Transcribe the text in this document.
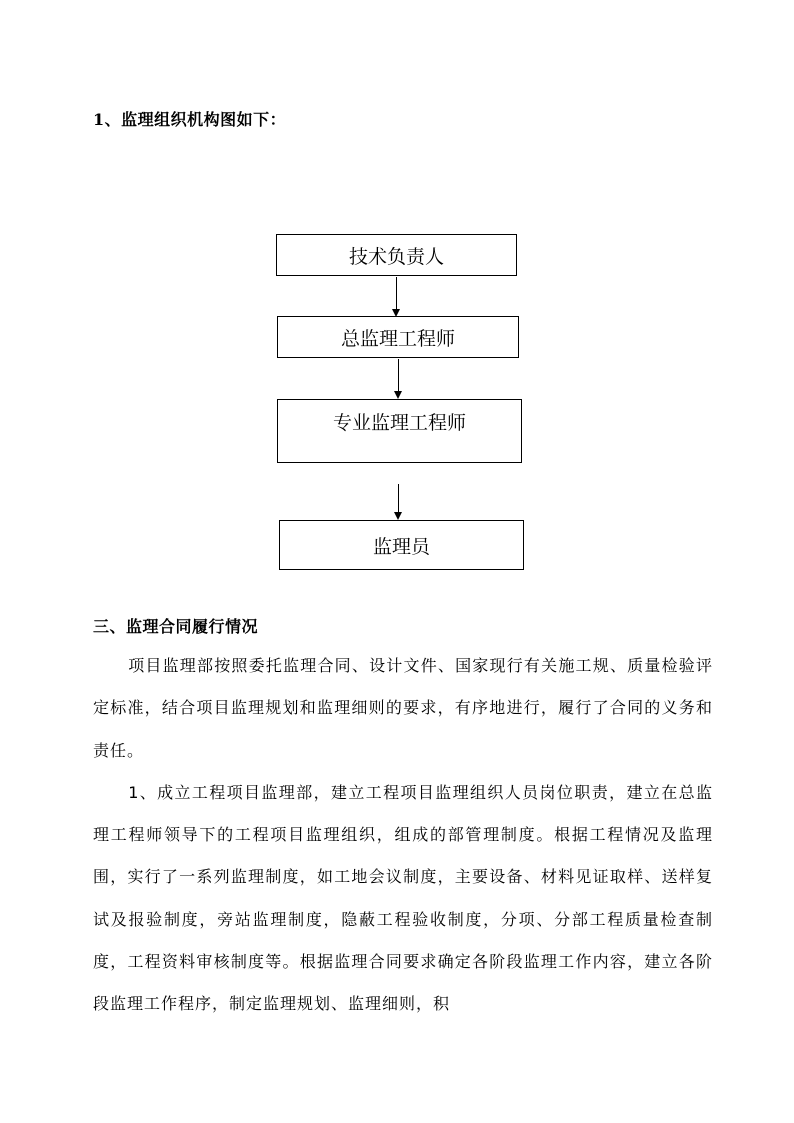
1、监理组织机构图如下：
技术负责人
总监理工程师
专业监理工程师
监理员
三、监理合同履行情况

项目监理部按照委托监理合同、设计文件、国家现行有关施工规、质量检验评定标准，结合项目监理规划和监理细则的要求，有序地进行，履行了合同的义务和责任。

1、成立工程项目监理部，建立工程项目监理组织人员岗位职责，建立在总监理工程师领导下的工程项目监理组织，组成的部管理制度。根据工程情况及监理围，实行了一系列监理制度，如工地会议制度，主要设备、材料见证取样、送样复试及报验制度，旁站监理制度，隐蔽工程验收制度，分项、分部工程质量检查制度，工程资料审核制度等。根据监理合同要求确定各阶段监理工作内容，建立各阶段监理工作程序，制定监理规划、监理细则，积
